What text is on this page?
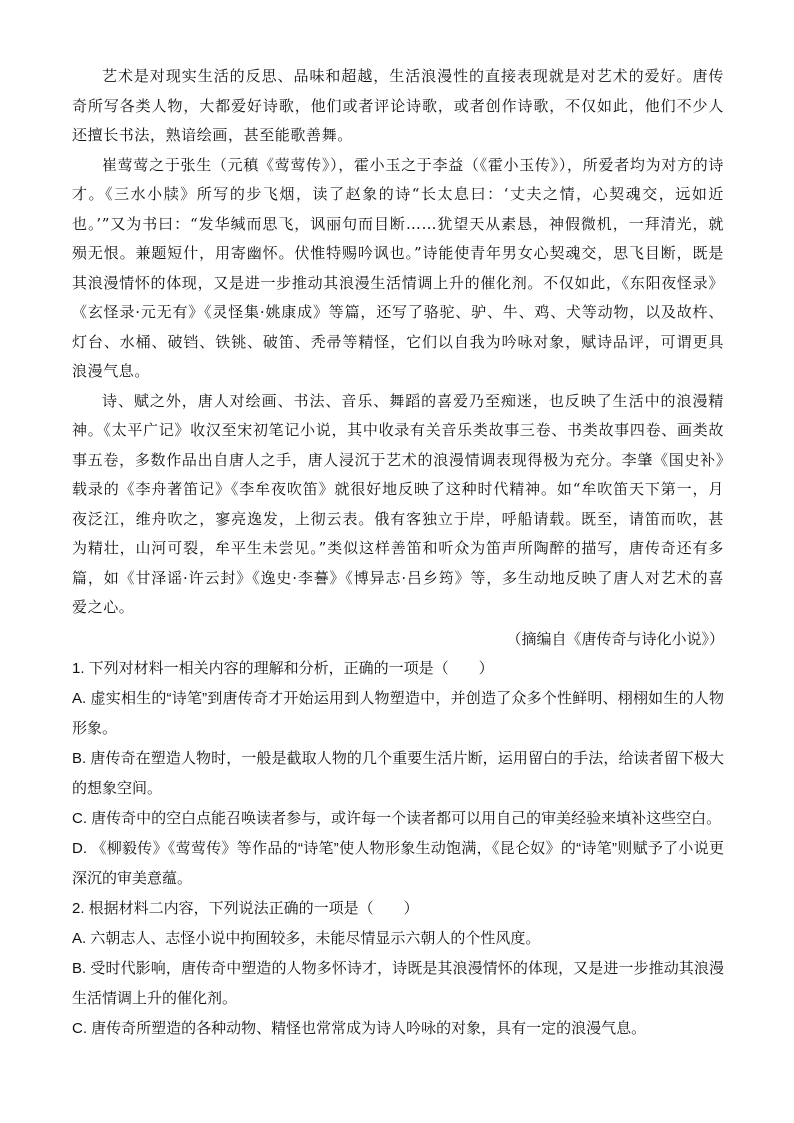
艺术是对现实生活的反思、品味和超越，生活浪漫性的直接表现就是对艺术的爱好。唐传奇所写各类人物，大都爱好诗歌，他们或者评论诗歌，或者创作诗歌，不仅如此，他们不少人还擅长书法，熟谙绘画，甚至能歌善舞。

崔莺莺之于张生（元稹《莺莺传》），霍小玉之于李益（《霍小玉传》），所爱者均为对方的诗才。《三水小牍》所写的步飞烟，读了赵象的诗“长太息曰：‘丈夫之情，心契魂交，远如近也。’”又为书曰：“发华缄而思飞，讽丽句而目断……犹望天从素恳，神假微机，一拜清光，就殒无恨。兼题短什，用寄幽怀。伏惟特赐吟讽也。”诗能使青年男女心契魂交，思飞目断，既是其浪漫情怀的体现，又是进一步推动其浪漫生活情调上升的催化剂。不仅如此，《东阳夜怪录》《玄怪录·元无有》《灵怪集·姚康成》等篇，还写了骆驼、驴、牛、鸡、犬等动物，以及故杵、灯台、水桶、破铛、铁铫、破笛、秃帚等精怪，它们以自我为吟咏对象，赋诗品评，可谓更具浪漫气息。

诗、赋之外，唐人对绘画、书法、音乐、舞蹈的喜爱乃至痴迷，也反映了生活中的浪漫精神。《太平广记》收汉至宋初笔记小说，其中收录有关音乐类故事三卷、书类故事四卷、画类故事五卷，多数作品出自唐人之手，唐人浸沉于艺术的浪漫情调表现得极为充分。李肇《国史补》载录的《李舟著笛记》《李牟夜吹笛》就很好地反映了这种时代精神。如“牟吹笛天下第一，月夜泛江，维舟吹之，寥亮逸发，上彻云表。俄有客独立于岸，呼船请载。既至，请笛而吹，甚为精壮，山河可裂，牟平生未尝见。”类似这样善笛和听众为笛声所陶醉的描写，唐传奇还有多篇，如《甘泽谣·许云封》《逸史·李謩》《博异志·吕乡筠》等，多生动地反映了唐人对艺术的喜爱之心。

（摘编自《唐传奇与诗化小说》）

1. 下列对材料一相关内容的理解和分析，正确的一项是（　　）

A. 虚实相生的“诗笔”到唐传奇才开始运用到人物塑造中，并创造了众多个性鲜明、栩栩如生的人物形象。

B. 唐传奇在塑造人物时，一般是截取人物的几个重要生活片断，运用留白的手法，给读者留下极大的想象空间。

C. 唐传奇中的空白点能召唤读者参与，或许每一个读者都可以用自己的审美经验来填补这些空白。

D. 《柳毅传》《莺莺传》等作品的“诗笔”使人物形象生动饱满，《昆仑奴》的“诗笔”则赋予了小说更深沉的审美意蕴。

2. 根据材料二内容，下列说法正确的一项是（　　）

A. 六朝志人、志怪小说中拘囿较多，未能尽情显示六朝人的个性风度。

B. 受时代影响，唐传奇中塑造的人物多怀诗才，诗既是其浪漫情怀的体现，又是进一步推动其浪漫生活情调上升的催化剂。

C. 唐传奇所塑造的各种动物、精怪也常常成为诗人吟咏的对象，具有一定的浪漫气息。
